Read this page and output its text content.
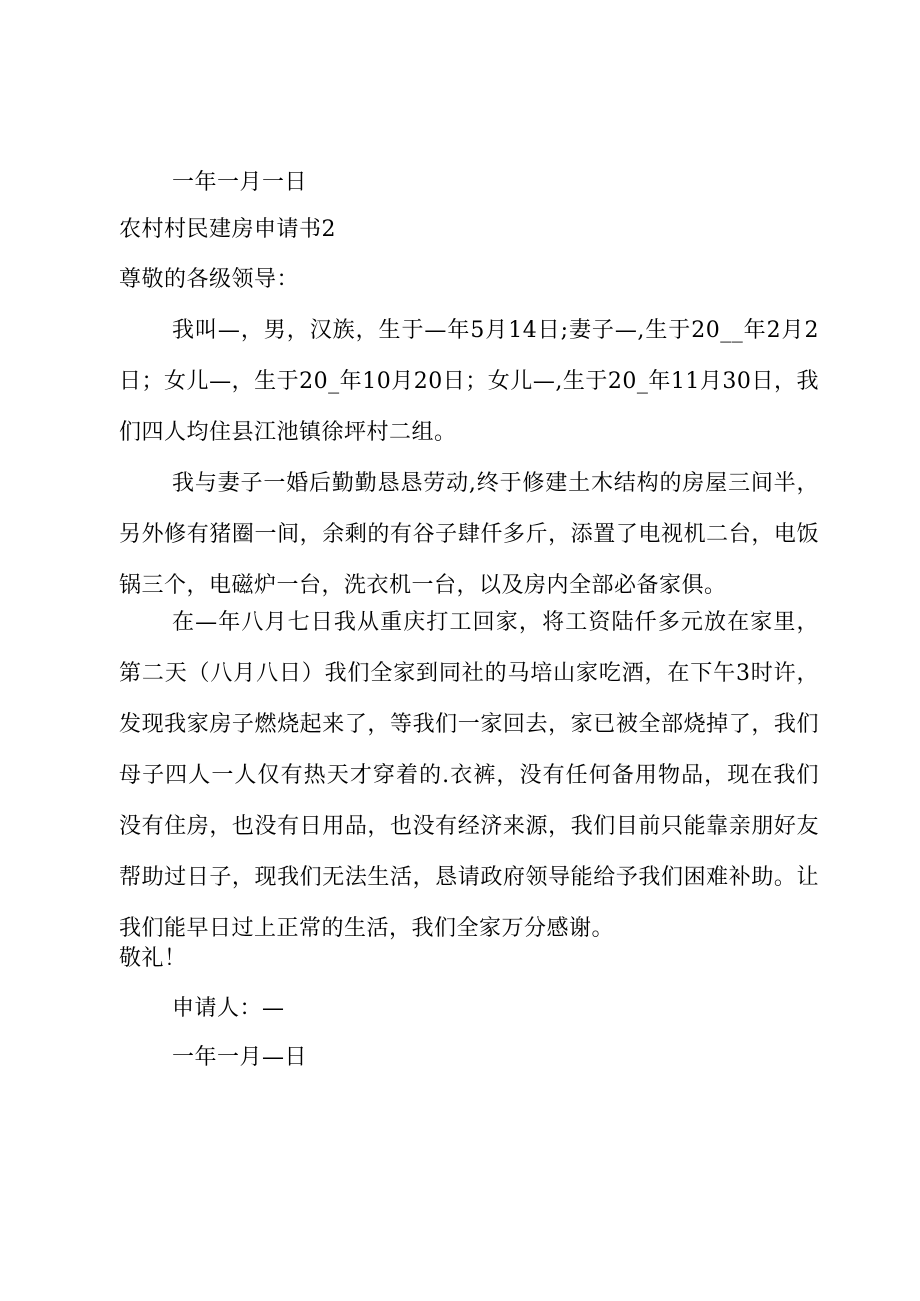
一年一月一日
农村村民建房申请书2
尊敬的各级领导：
我叫—，男，汉族，生于—年5月14日;妻子—,生于20__年2月2日；女儿—，生于20_年10月20日；女儿—,生于20_年11月30日，我们四人均住县江池镇徐坪村二组。
我与妻子一婚后勤勤恳恳劳动,终于修建土木结构的房屋三间半，另外修有猪圈一间，余剩的有谷子肆仟多斤，添置了电视机二台，电饭锅三个，电磁炉一台，洗衣机一台，以及房内全部必备家俱。
在—年八月七日我从重庆打工回家，将工资陆仟多元放在家里，第二天（八月八日）我们全家到同社的马培山家吃酒，在下午3时许，发现我家房子燃烧起来了，等我们一家回去，家已被全部烧掉了，我们母子四人一人仅有热天才穿着的.衣裤，没有任何备用物品，现在我们没有住房，也没有日用品，也没有经济来源，我们目前只能靠亲朋好友帮助过日子，现我们无法生活，恳请政府领导能给予我们困难补助。让我们能早日过上正常的生活，我们全家万分感谢。
敬礼！
申请人：—
一年一月—日
